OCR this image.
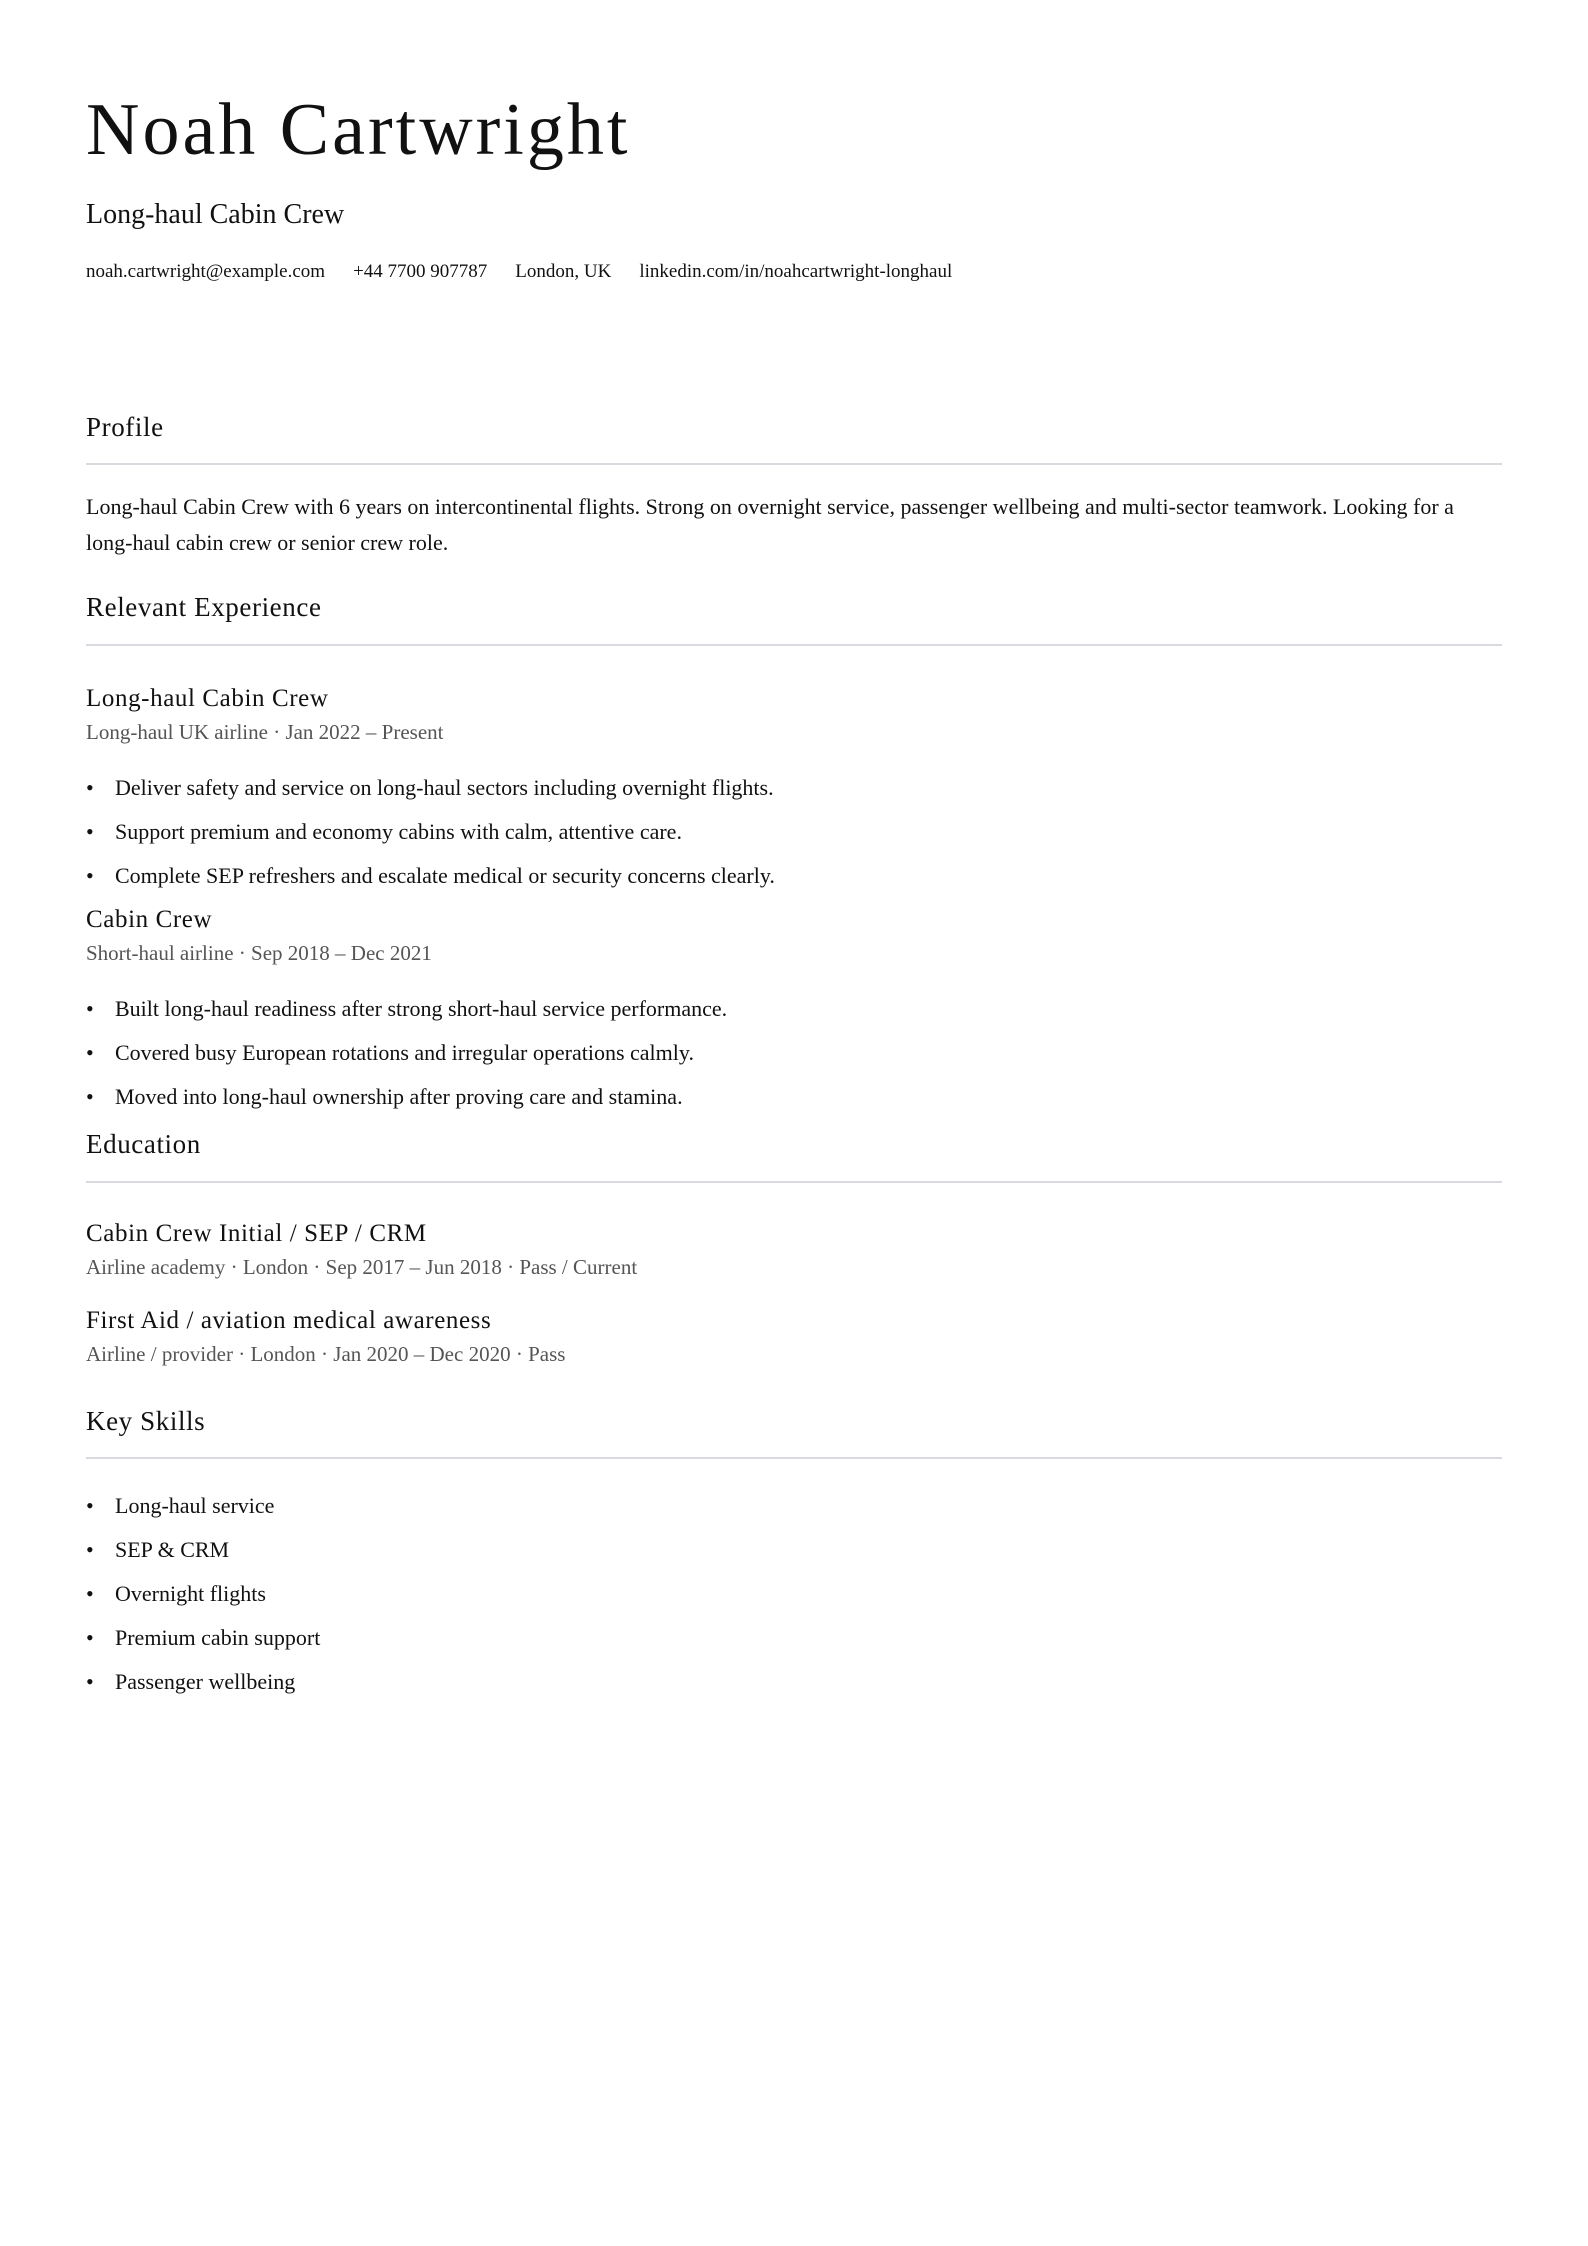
Noah Cartwright
Long-haul Cabin Crew
noah.cartwright@example.com +44 7700 907787 London, UK linkedin.com/in/noahcartwright-longhaul
Profile
Long-haul Cabin Crew with 6 years on intercontinental flights. Strong on overnight service, passenger wellbeing and multi-sector teamwork. Looking for a long-haul cabin crew or senior crew role.
Relevant Experience
Long-haul Cabin Crew
Long-haul UK airline · Jan 2022 – Present
• Deliver safety and service on long-haul sectors including overnight flights.
• Support premium and economy cabins with calm, attentive care.
• Complete SEP refreshers and escalate medical or security concerns clearly.
Cabin Crew
Short-haul airline · Sep 2018 – Dec 2021
• Built long-haul readiness after strong short-haul service performance.
• Covered busy European rotations and irregular operations calmly.
• Moved into long-haul ownership after proving care and stamina.
Education
Cabin Crew Initial / SEP / CRM
Airline academy · London · Sep 2017 – Jun 2018 · Pass / Current
First Aid / aviation medical awareness
Airline / provider · London · Jan 2020 – Dec 2020 · Pass
Key Skills
• Long-haul service
• SEP & CRM
• Overnight flights
• Premium cabin support
• Passenger wellbeing
